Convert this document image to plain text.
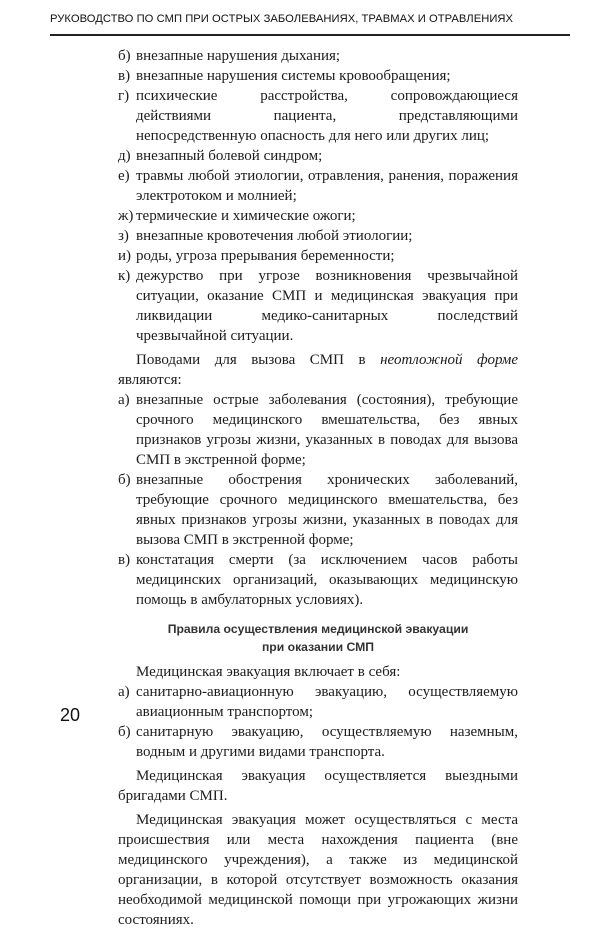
РУКОВОДСТВО ПО СМП ПРИ ОСТРЫХ ЗАБОЛЕВАНИЯХ, ТРАВМАХ И ОТРАВЛЕНИЯХ
б) внезапные нарушения дыхания;
в) внезапные нарушения системы кровообращения;
г) психические расстройства, сопровождающиеся действиями пациента, представляющими непосредственную опасность для него или других лиц;
д) внезапный болевой синдром;
е) травмы любой этиологии, отравления, ранения, поражения электротоком и молнией;
ж) термические и химические ожоги;
з) внезапные кровотечения любой этиологии;
и) роды, угроза прерывания беременности;
к) дежурство при угрозе возникновения чрезвычайной ситуации, оказание СМП и медицинская эвакуация при ликвидации медико-санитарных последствий чрезвычайной ситуации.
Поводами для вызова СМП в неотложной форме являются:
а) внезапные острые заболевания (состояния), требующие срочного медицинского вмешательства, без явных признаков угрозы жизни, указанных в поводах для вызова СМП в экстренной форме;
б) внезапные обострения хронических заболеваний, требующие срочного медицинского вмешательства, без явных признаков угрозы жизни, указанных в поводах для вызова СМП в экстренной форме;
в) констатация смерти (за исключением часов работы медицинских организаций, оказывающих медицинскую помощь в амбулаторных условиях).
Правила осуществления медицинской эвакуации
при оказании СМП
Медицинская эвакуация включает в себя:
а) санитарно-авиационную эвакуацию, осуществляемую авиационным транспортом;
б) санитарную эвакуацию, осуществляемую наземным, водным и другими видами транспорта.
Медицинская эвакуация осуществляется выездными бригадами СМП.
Медицинская эвакуация может осуществляться с места происшествия или места нахождения пациента (вне медицинского учреждения), а также из медицинской организации, в которой отсутствует возможность оказания необходимой медицинской помощи при угрожающих жизни состояниях.
20
